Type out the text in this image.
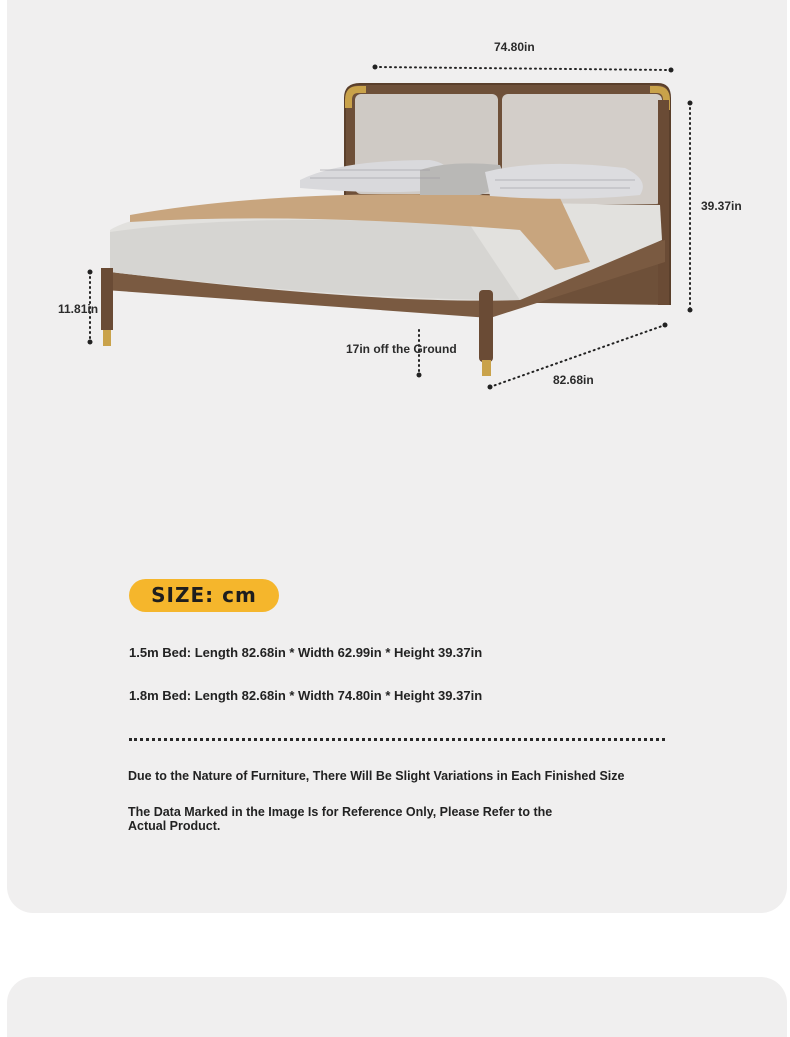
74.80in
39.37in
11.81in
17in off the Ground
82.68in
SIZE: cm
1.5m Bed: Length 82.68in * Width 62.99in * Height 39.37in
1.8m Bed: Length 82.68in * Width 74.80in * Height 39.37in
Due to the Nature of Furniture, There Will Be Slight Variations in Each Finished Size
The Data Marked in the Image Is for Reference Only, Please Refer to the Actual Product.
